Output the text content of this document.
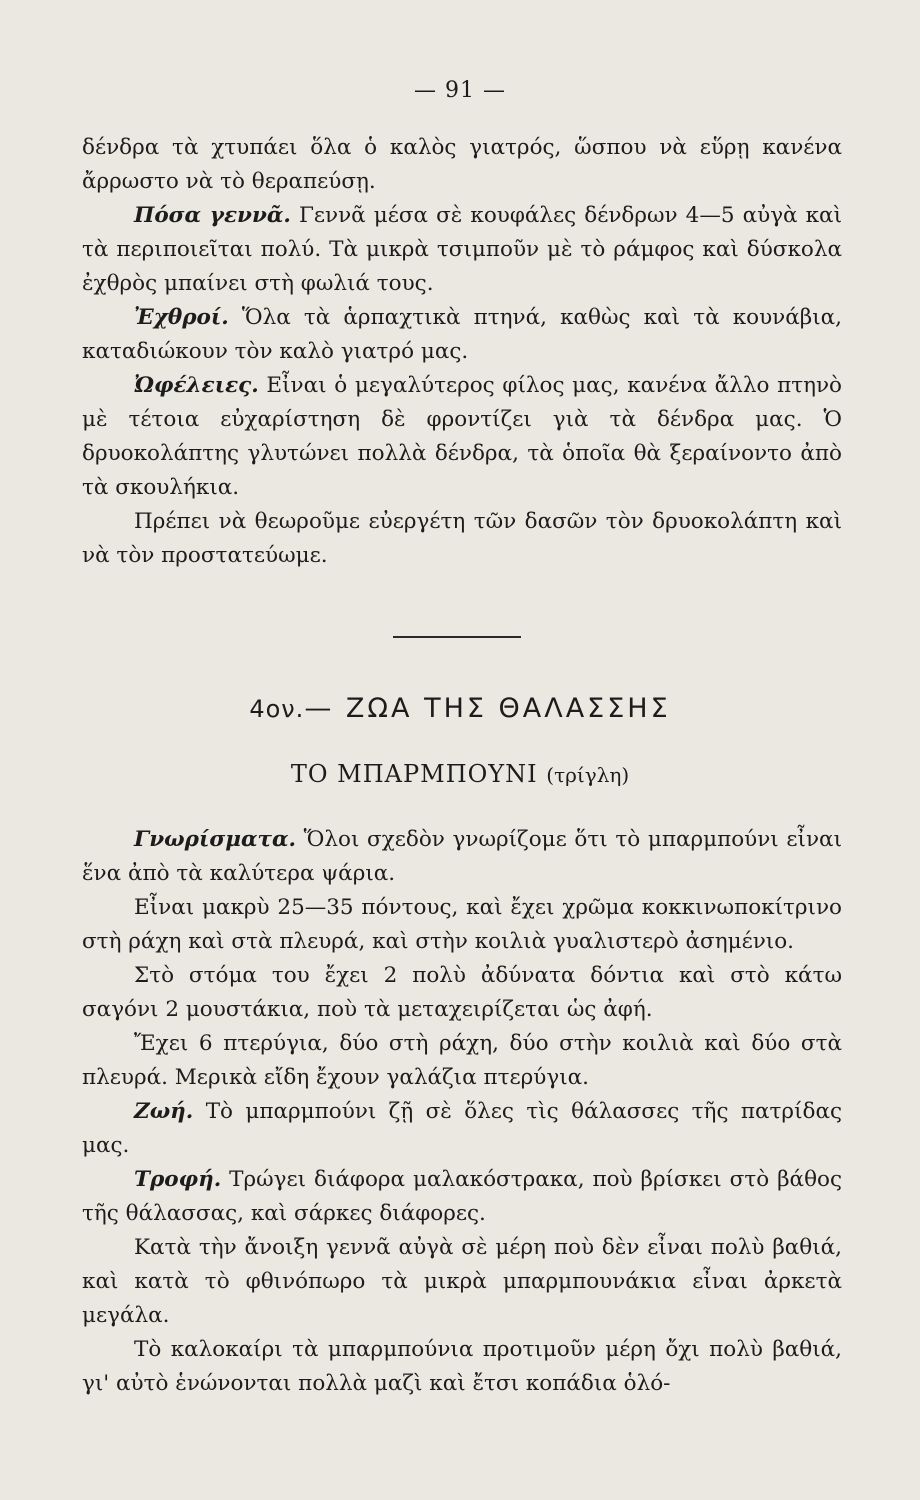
— 91 —

δένδρα τὰ χτυπάει ὅλα ὁ καλὸς γιατρός, ὥσπου νὰ εὕρῃ κανένα ἄρρωστο νὰ τὸ θεραπεύσῃ.

Πόσα γεννᾶ. Γεννᾶ μέσα σὲ κουφάλες δένδρων 4—5 αὐγὰ καὶ τὰ περιποιεῖται πολύ. Τὰ μικρὰ τσιμποῦν μὲ τὸ ράμφος καὶ δύσκολα ἐχθρὸς μπαίνει στὴ φωλιά τους.

Ἐχθροί. Ὅλα τὰ ἁρπαχτικὰ πτηνά, καθὼς καὶ τὰ κουνάβια, καταδιώκουν τὸν καλὸ γιατρό μας.

Ὠφέλειες. Εἶναι ὁ μεγαλύτερος φίλος μας, κανένα ἄλλο πτηνὸ μὲ τέτοια εὐχαρίστηση δὲ φροντίζει γιὰ τὰ δένδρα μας. Ὁ δρυοκολάπτης γλυτώνει πολλὰ δένδρα, τὰ ὁποῖα θὰ ξεραίνοντο ἀπὸ τὰ σκουλήκια.

Πρέπει νὰ θεωροῦμε εὐεργέτη τῶν δασῶν τὸν δρυοκολάπτη καὶ νὰ τὸν προστατεύωμε.

4ον.— ΖΩΑ ΤΗΣ ΘΑΛΑΣΣΗΣ
ΤΟ ΜΠΑΡΜΠΟΥΝΙ (τρίγλη)

Γνωρίσματα. Ὅλοι σχεδὸν γνωρίζομε ὅτι τὸ μπαρμπούνι εἶναι ἕνα ἀπὸ τὰ καλύτερα ψάρια.

Εἶναι μακρὺ 25—35 πόντους, καὶ ἔχει χρῶμα κοκκινωποκίτρινο στὴ ράχη καὶ στὰ πλευρά, καὶ στὴν κοιλιὰ γυαλιστερὸ ἀσημένιο.

Στὸ στόμα του ἔχει 2 πολὺ ἀδύνατα δόντια καὶ στὸ κάτω σαγόνι 2 μουστάκια, ποὺ τὰ μεταχειρίζεται ὡς ἀφή.

Ἔχει 6 πτερύγια, δύο στὴ ράχη, δύο στὴν κοιλιὰ καὶ δύο στὰ πλευρά. Μερικὰ εἴδη ἔχουν γαλάζια πτερύγια.

Ζωή. Τὸ μπαρμπούνι ζῇ σὲ ὅλες τὶς θάλασσες τῆς πατρίδας μας.

Τροφή. Τρώγει διάφορα μαλακόστρακα, ποὺ βρίσκει στὸ βάθος τῆς θάλασσας, καὶ σάρκες διάφορες.

Κατὰ τὴν ἄνοιξη γεννᾶ αὐγὰ σὲ μέρη ποὺ δὲν εἶναι πολὺ βαθιά, καὶ κατὰ τὸ φθινόπωρο τὰ μικρὰ μπαρμπουνάκια εἶναι ἀρκετὰ μεγάλα.

Τὸ καλοκαίρι τὰ μπαρμπούνια προτιμοῦν μέρη ὄχι πολὺ βαθιά, γι' αὐτὸ ἑνώνονται πολλὰ μαζὶ καὶ ἔτσι κοπάδια ὁλό-
